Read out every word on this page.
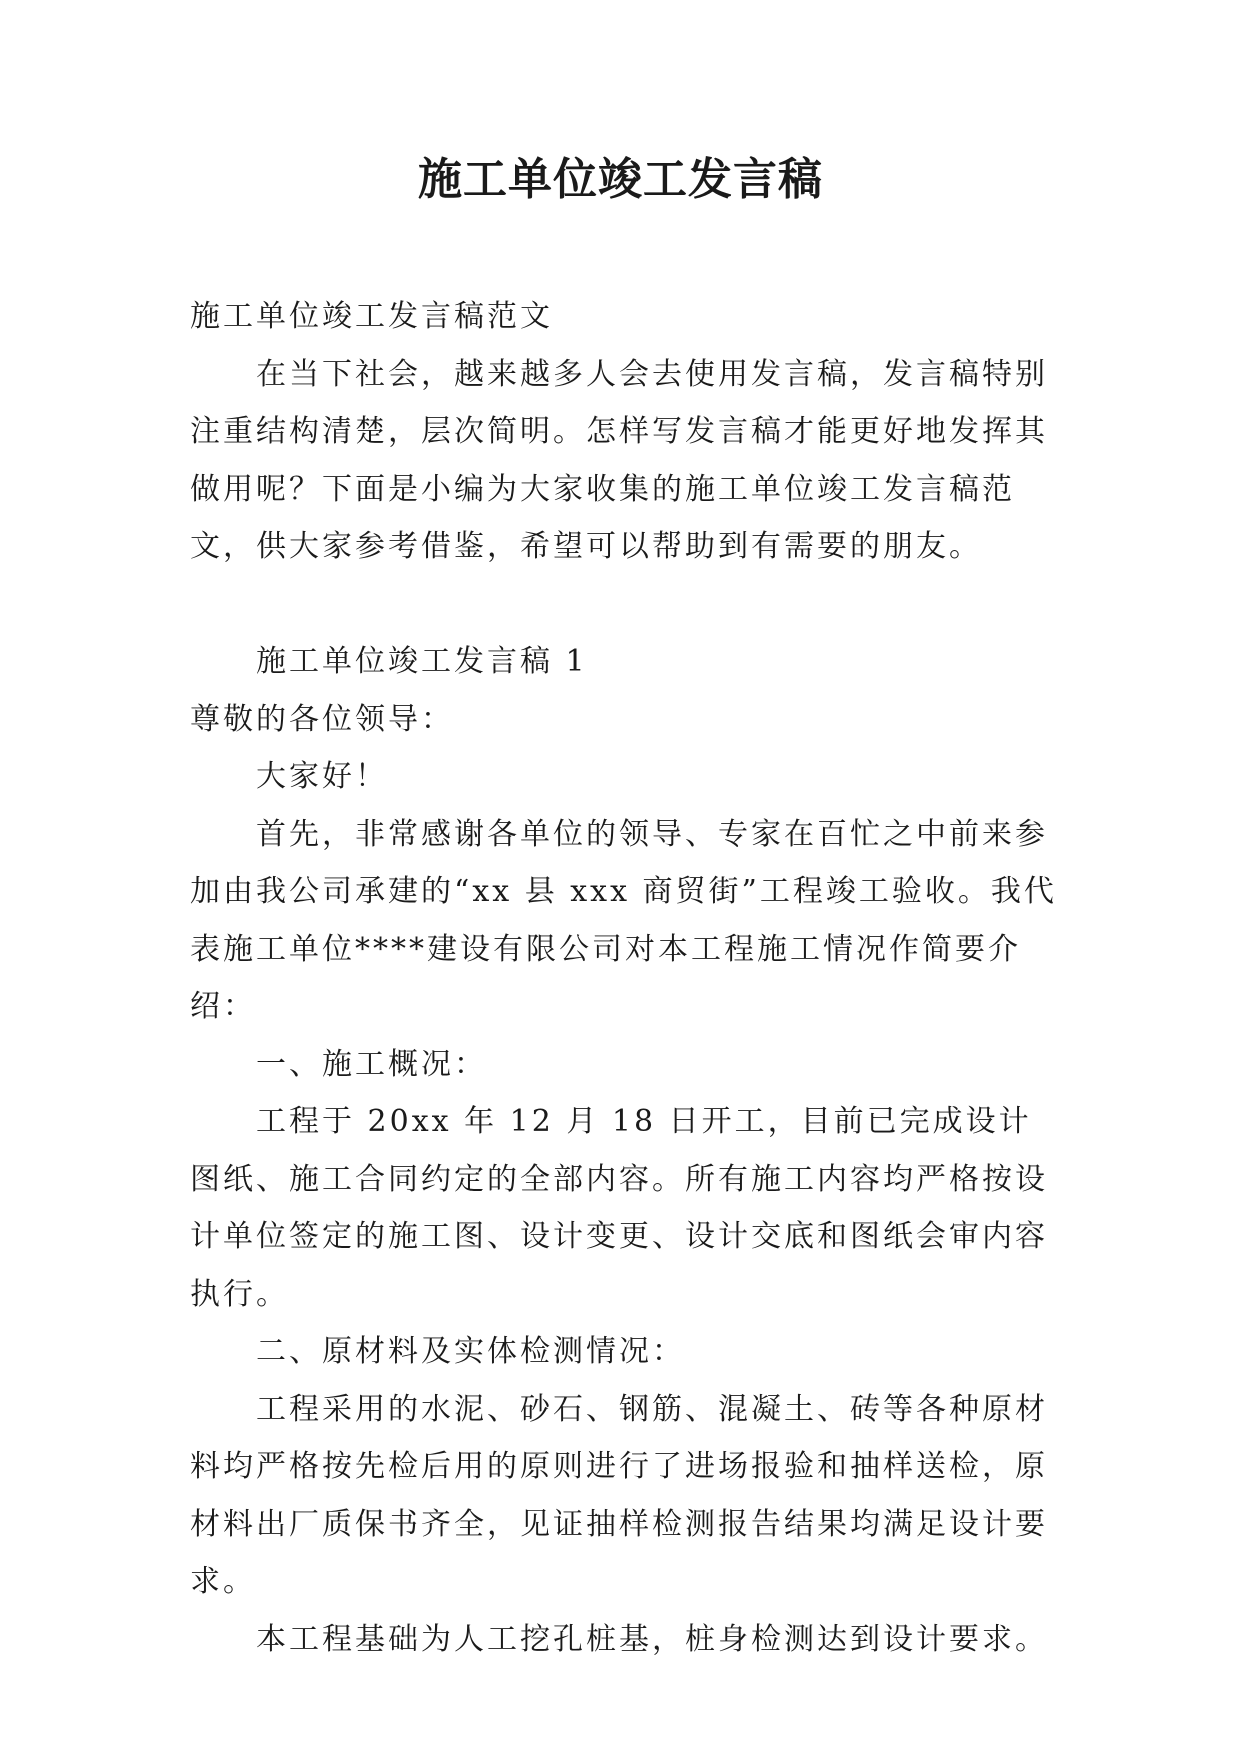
施工单位竣工发言稿

施工单位竣工发言稿范文

在当下社会，越来越多人会去使用发言稿，发言稿特别注重结构清楚，层次简明。怎样写发言稿才能更好地发挥其做用呢？下面是小编为大家收集的施工单位竣工发言稿范文，供大家参考借鉴，希望可以帮助到有需要的朋友。

施工单位竣工发言稿 1

尊敬的各位领导：

大家好！

首先，非常感谢各单位的领导、专家在百忙之中前来参加由我公司承建的“xx 县 xxx 商贸街”工程竣工验收。我代表施工单位****建设有限公司对本工程施工情况作简要介绍：

一、施工概况：

工程于 20xx 年 12 月 18 日开工，目前已完成设计图纸、施工合同约定的全部内容。所有施工内容均严格按设计单位签定的施工图、设计变更、设计交底和图纸会审内容执行。

二、原材料及实体检测情况：

工程采用的水泥、砂石、钢筋、混凝土、砖等各种原材料均严格按先检后用的原则进行了进场报验和抽样送检，原材料出厂质保书齐全，见证抽样检测报告结果均满足设计要求。

本工程基础为人工挖孔桩基，桩身检测达到设计要求。
